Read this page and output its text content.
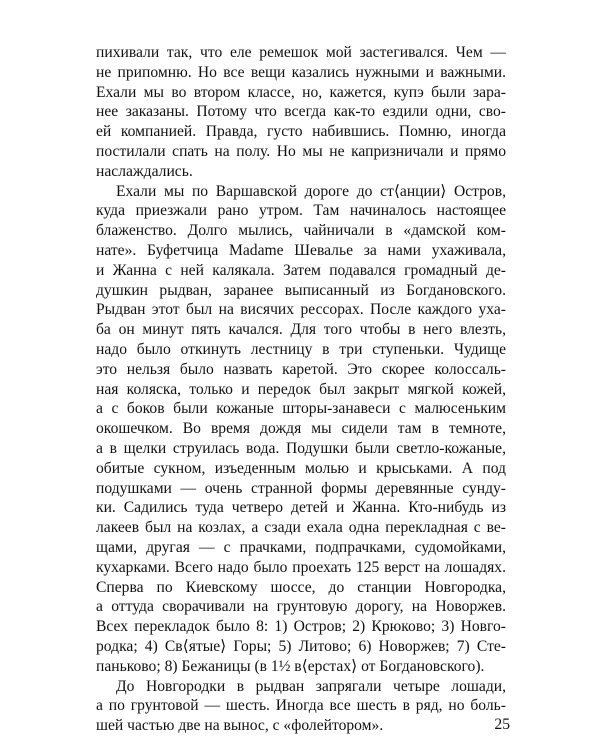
пихивали так, что еле ремешок мой застегивался. Чем —
не припомню. Но все вещи казались нужными и важными.
Ехали мы во втором классе, но, кажется, купэ были зара-
нее заказаны. Потому что всегда как-то ездили одни, сво-
ей компанией. Правда, густо набившись. Помню, иногда
постилали спать на полу. Но мы не капризничали и прямо
наслаждались.
Ехали мы по Варшавской дороге до ст⟨анции⟩ Остров,
куда приезжали рано утром. Там начиналось настоящее
блаженство. Долго мылись, чайничали в «дамской ком-
нате». Буфетчица Madame Шевалье за нами ухаживала,
и Жанна с ней калякала. Затем подавался громадный де-
душкин рыдван, заранее выписанный из Богдановского.
Рыдван этот был на висячих рессорах. После каждого уха-
ба он минут пять качался. Для того чтобы в него влезть,
надо было откинуть лестницу в три ступеньки. Чудище
это нельзя было назвать каретой. Это скорее колоссаль-
ная коляска, только и передок был закрыт мягкой кожей,
а с боков были кожаные шторы-занавеси с малюсеньким
окошечком. Во время дождя мы сидели там в темноте,
а в щелки струилась вода. Подушки были светло-кожаные,
обитые сукном, изъеденным молью и крыськами. А под
подушками — очень странной формы деревянные сунду-
ки. Садились туда четверо детей и Жанна. Кто-нибудь из
лакеев был на козлах, а сзади ехала одна перекладная с ве-
щами, другая — с прачками, подпрачками, судомойками,
кухарками. Всего надо было проехать 125 верст на лошадях.
Сперва по Киевскому шоссе, до станции Новгородка,
а оттуда сворачивали на грунтовую дорогу, на Новоржев.
Всех перекладок было 8: 1) Остров; 2) Крюково; 3) Новго-
родка; 4) Св⟨ятые⟩ Горы; 5) Литово; 6) Новоржев; 7) Сте-
паньково; 8) Бежаницы (в 1½ в⟨ерстах⟩ от Богдановского).
До Новгородки в рыдван запрягали четыре лошади,
а по грунтовой — шесть. Иногда все шесть в ряд, но боль-
шей частью две на вынос, с «фолейтором».	25
